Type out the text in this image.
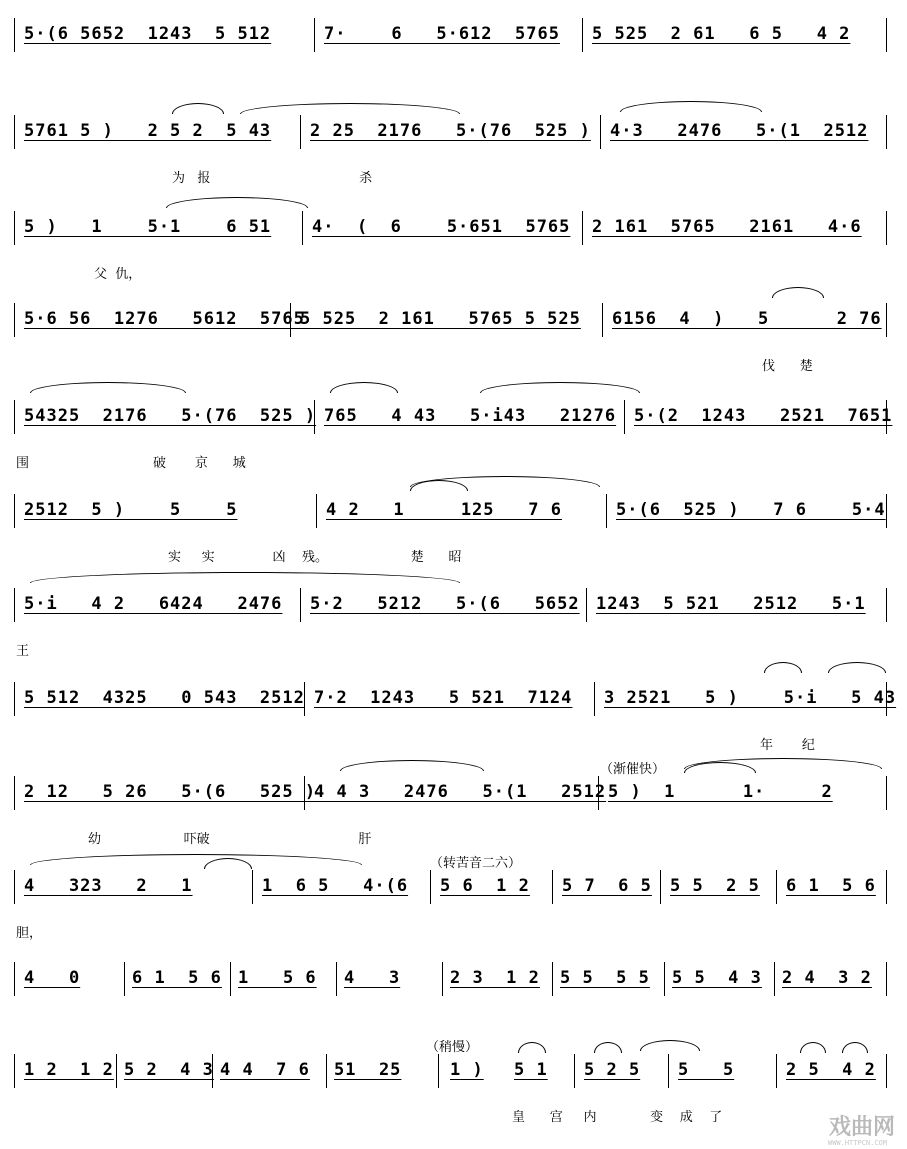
5·(6 5652  1243  5 512	7·    6   5·612  5765 5 525  2 61   6 5   4 2
5761 5 )   2 5 2  5 43 2 25  2176   5·(76  525 ) 4·3   2476   5·(1  2512
为   报                                    杀
5 )   1    5·1    6 51 4·  (  6    5·651  5765 2 161  5765   2161   4·6
父  仇，
5·6 56  1276   5612  5765
5 525  2 161   5765 5 525 6156  4  )   5      2 76
伐      楚
54325  2176   5·(76  525 ) 765   4 43   5·i43   21276 5·(2  1243   2521  7651
围                              破       京      城
2512  5 )    5    5	4 2   1     125   7 6	5·(6  525 )   7 6    5·4
实     实              凶    残。                    楚      昭
5·i   4 2   6424   2476 5·2   5212   5·(6   5652 1243  5 521   2512   5·1
王
5 512  4325   0 543  2512 7·2  1243   5 521  7124 3 2521   5 )    5·i   5 43
年       纪
（渐催快）
2 12   5 26   5·(6   525 )
4 4 3   2476   5·(1   2512 5 )  1      1·     2
幼                    吓破                                    肝
（转苦音二六）
4   323   2   1	1  6 5   4·(6 5 6  1 2 5 7  6 5 5 5  2 5 6 1  5 6
胆，
4   0	6 1  5 6 1   5 6 4   3	2 3  1 2 5 5  5 5 5 5  4 3 2 4  3 2
（稍慢）
1 2  1 2 5 2  4 3 4 4  7 6 51  25	1 ) 5 1 5 2 5 5   5	2 5  4 2
皇      宫     内             变    成    了	戏曲网
WWW.HTTPCN.COM
